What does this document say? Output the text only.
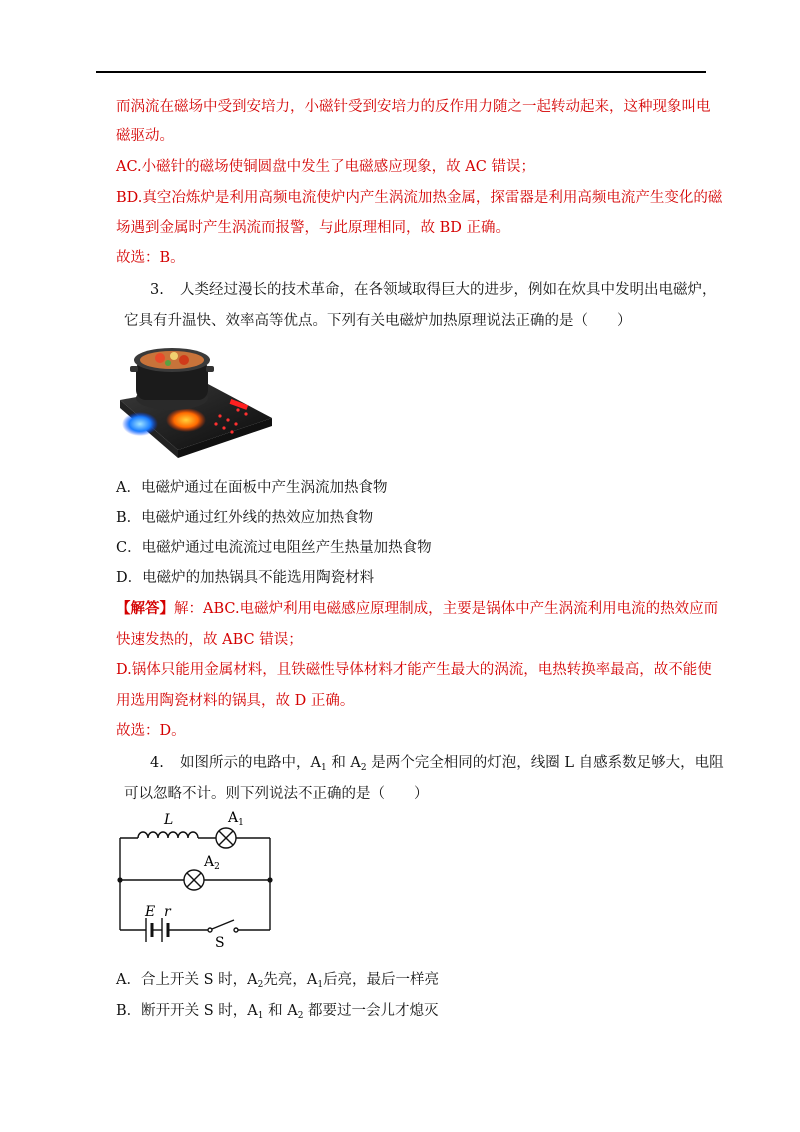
而涡流在磁场中受到安培力，小磁针受到安培力的反作用力随之一起转动起来，这种现象叫电
磁驱动。
AC.小磁针的磁场使铜圆盘中发生了电磁感应现象，故 AC 错误；
BD.真空冶炼炉是利用高频电流使炉内产生涡流加热金属，探雷器是利用高频电流产生变化的磁
场遇到金属时产生涡流而报警，与此原理相同，故 BD 正确。
故选：B。
3. 人类经过漫长的技术革命，在各领域取得巨大的进步，例如在炊具中发明出电磁炉，
它具有升温快、效率高等优点。下列有关电磁炉加热原理说法正确的是（　　）
A．电磁炉通过在面板中产生涡流加热食物
B．电磁炉通过红外线的热效应加热食物
C．电磁炉通过电流流过电阻丝产生热量加热食物
D．电磁炉的加热锅具不能选用陶瓷材料
【解答】解：ABC.电磁炉利用电磁感应原理制成，主要是锅体中产生涡流利用电流的热效应而
快速发热的，故 ABC 错误；
D.锅体只能用金属材料，且铁磁性导体材料才能产生最大的涡流，电热转换率最高，故不能使
用选用陶瓷材料的锅具，故 D 正确。
故选：D。
4. 如图所示的电路中，$A_1$ 和 $A_2$ 是两个完全相同的灯泡，线圈 L 自感系数足够大，电阻
可以忽略不计。则下列说法不正确的是（　　）
L	$A_1$
$A_2$
E r
S
A．合上开关 S 时，$A_2$先亮，$A_1$后亮，最后一样亮
B．断开开关 S 时，$A_1$ 和 $A_2$ 都要过一会儿才熄灭
